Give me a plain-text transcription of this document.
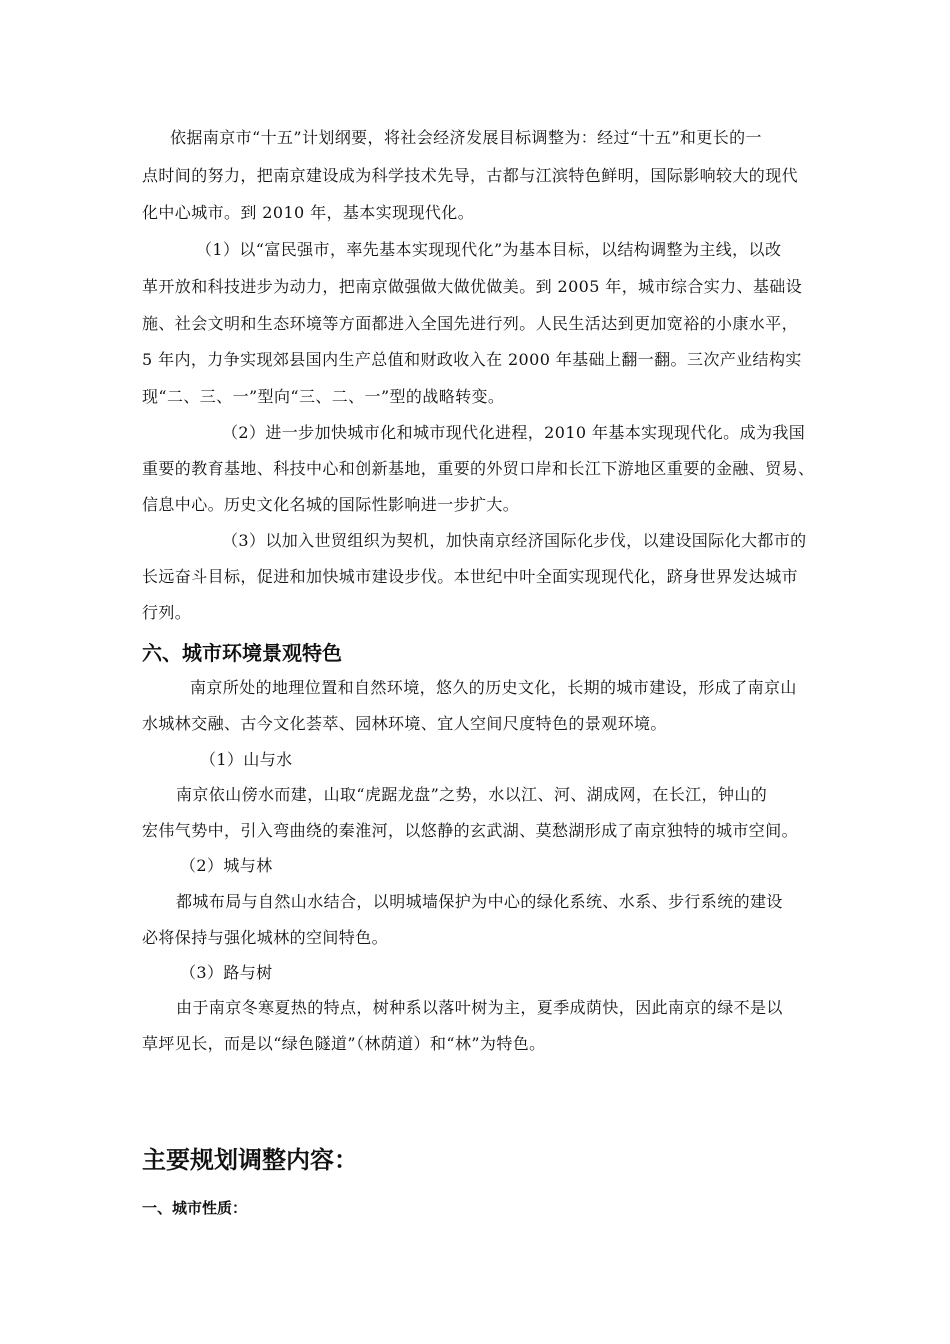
依据南京市“十五”计划纲要，将社会经济发展目标调整为：经过“十五”和更长的一
点时间的努力，把南京建设成为科学技术先导，古都与江滨特色鲜明，国际影响较大的现代
化中心城市。到 2010 年，基本实现现代化。
（1）以“富民强市，率先基本实现现代化”为基本目标，以结构调整为主线，以改
革开放和科技进步为动力，把南京做强做大做优做美。到 2005 年，城市综合实力、基础设
施、社会文明和生态环境等方面都进入全国先进行列。人民生活达到更加宽裕的小康水平，
5 年内，力争实现郊县国内生产总值和财政收入在 2000 年基础上翻一翻。三次产业结构实
现“二、三、一”型向“三、二、一”型的战略转变。
（2）进一步加快城市化和城市现代化进程，2010 年基本实现现代化。成为我国
重要的教育基地、科技中心和创新基地，重要的外贸口岸和长江下游地区重要的金融、贸易、
信息中心。历史文化名城的国际性影响进一步扩大。
（3）以加入世贸组织为契机，加快南京经济国际化步伐，以建设国际化大都市的
长远奋斗目标，促进和加快城市建设步伐。本世纪中叶全面实现现代化，跻身世界发达城市
行列。
六、城市环境景观特色
南京所处的地理位置和自然环境，悠久的历史文化，长期的城市建设，形成了南京山
水城林交融、古今文化荟萃、园林环境、宜人空间尺度特色的景观环境。
（1）山与水
南京依山傍水而建，山取“虎踞龙盘”之势，水以江、河、湖成网，在长江，钟山的
宏伟气势中，引入弯曲绕的秦淮河，以悠静的玄武湖、莫愁湖形成了南京独特的城市空间。
（2）城与林
都城布局与自然山水结合，以明城墙保护为中心的绿化系统、水系、步行系统的建设
必将保持与强化城林的空间特色。
（3）路与树
由于南京冬寒夏热的特点，树种系以落叶树为主，夏季成荫快，因此南京的绿不是以
草坪见长，而是以“绿色隧道”（林荫道）和“林”为特色。
主要规划调整内容：
一、城市性质：
